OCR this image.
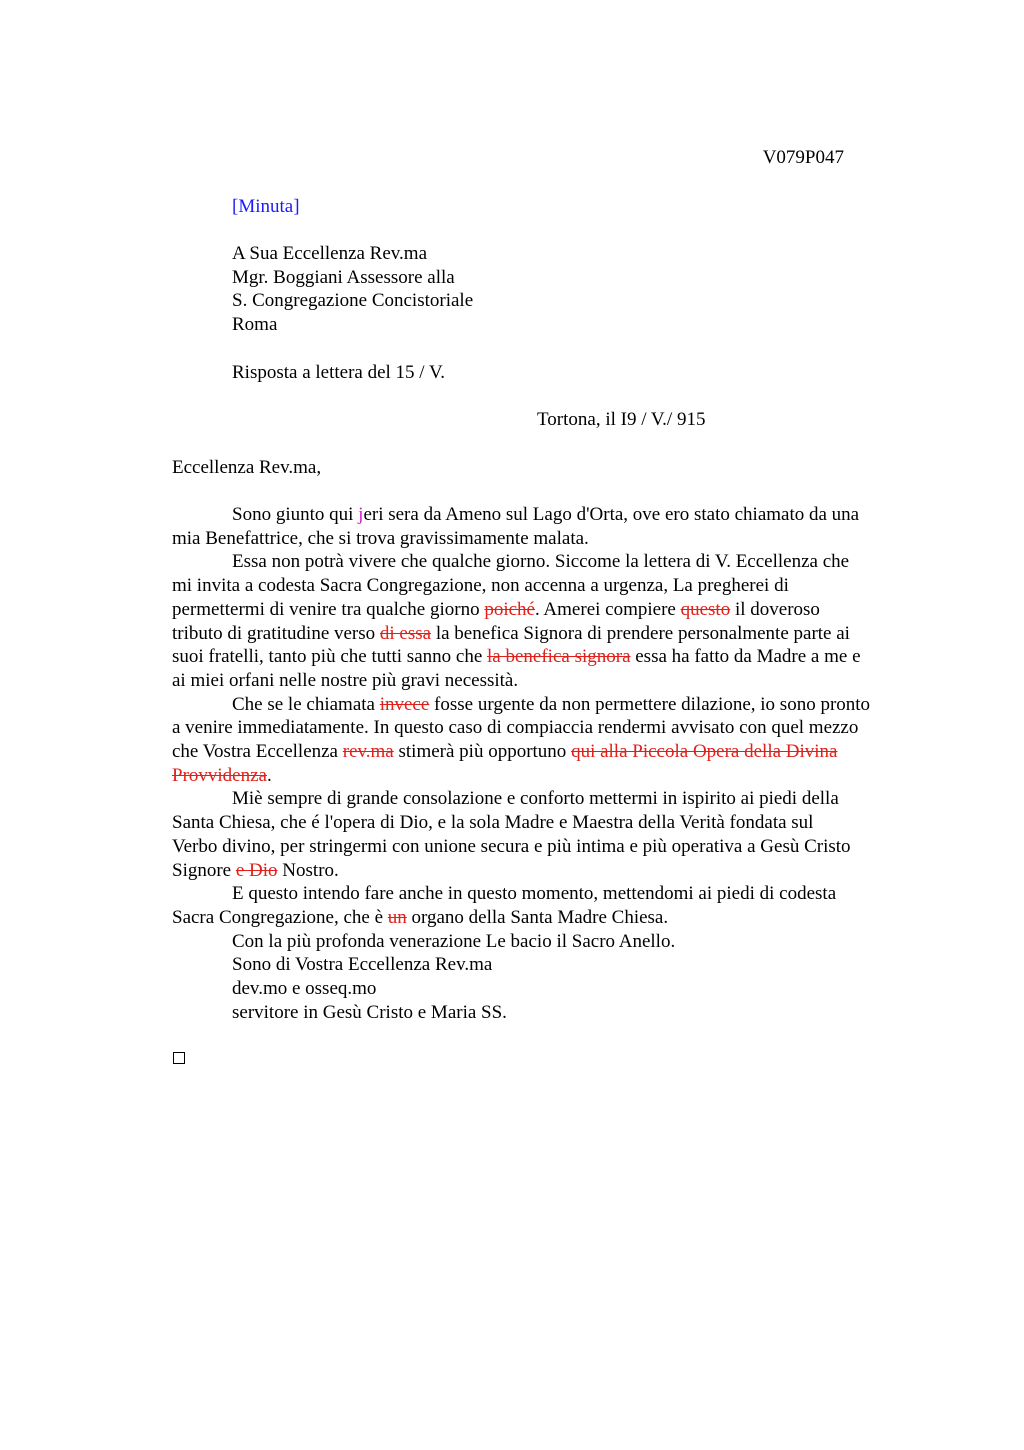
V079P047
[Minuta]
A Sua Eccellenza Rev.ma
Mgr. Boggiani Assessore alla
S. Congregazione Concistoriale
Roma
Risposta a lettera del 15 / V.
Tortona, il I9 / V./ 915
Eccellenza Rev.ma,
Sono giunto qui jeri sera da Ameno sul Lago d'Orta, ove ero stato chiamato da una
mia Benefattrice, che si trova gravissimamente malata.
Essa non potrà vivere che qualche giorno. Siccome la lettera di V. Eccellenza che
mi invita a codesta Sacra Congregazione, non accenna a urgenza, La pregherei di
permettermi di venire tra qualche giorno poiché. Amerei compiere questo il doveroso
tributo di gratitudine verso di essa la benefica Signora di prendere personalmente parte ai
suoi fratelli, tanto più che tutti sanno che la benefica signora essa ha fatto da Madre a me e
ai miei orfani nelle nostre più gravi necessità.
Che se le chiamata invece fosse urgente da non permettere dilazione, io sono pronto
a venire immediatamente. In questo caso di compiaccia rendermi avvisato con quel mezzo
che Vostra Eccellenza rev.ma stimerà più opportuno qui alla Piccola Opera della Divina
Provvidenza.
Miè sempre di grande consolazione e conforto mettermi in ispirito ai piedi della
Santa Chiesa, che é l'opera di Dio, e la sola Madre e Maestra della Verità fondata sul
Verbo divino, per stringermi con unione secura e più intima e più operativa a Gesù Cristo
Signore e Dio Nostro.
E questo intendo fare anche in questo momento, mettendomi ai piedi di codesta
Sacra Congregazione, che è un organo della Santa Madre Chiesa.
Con la più profonda venerazione Le bacio il Sacro Anello.
Sono di Vostra Eccellenza Rev.ma
dev.mo e osseq.mo
servitore in Gesù Cristo e Maria SS.
